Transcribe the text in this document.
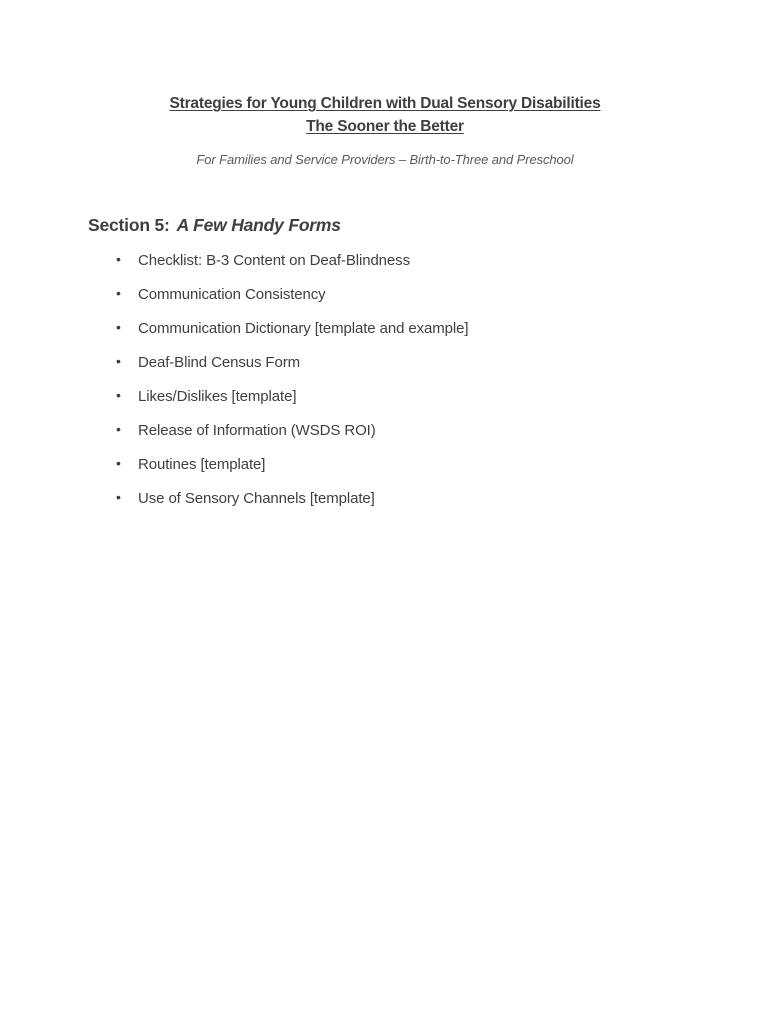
Strategies for Young Children with Dual Sensory Disabilities
The Sooner the Better
For Families and Service Providers – Birth-to-Three and Preschool
Section 5: A Few Handy Forms
• Checklist: B-3 Content on Deaf-Blindness
• Communication Consistency
• Communication Dictionary [template and example]
• Deaf-Blind Census Form
• Likes/Dislikes [template]
• Release of Information (WSDS ROI)
• Routines [template]
• Use of Sensory Channels [template]
